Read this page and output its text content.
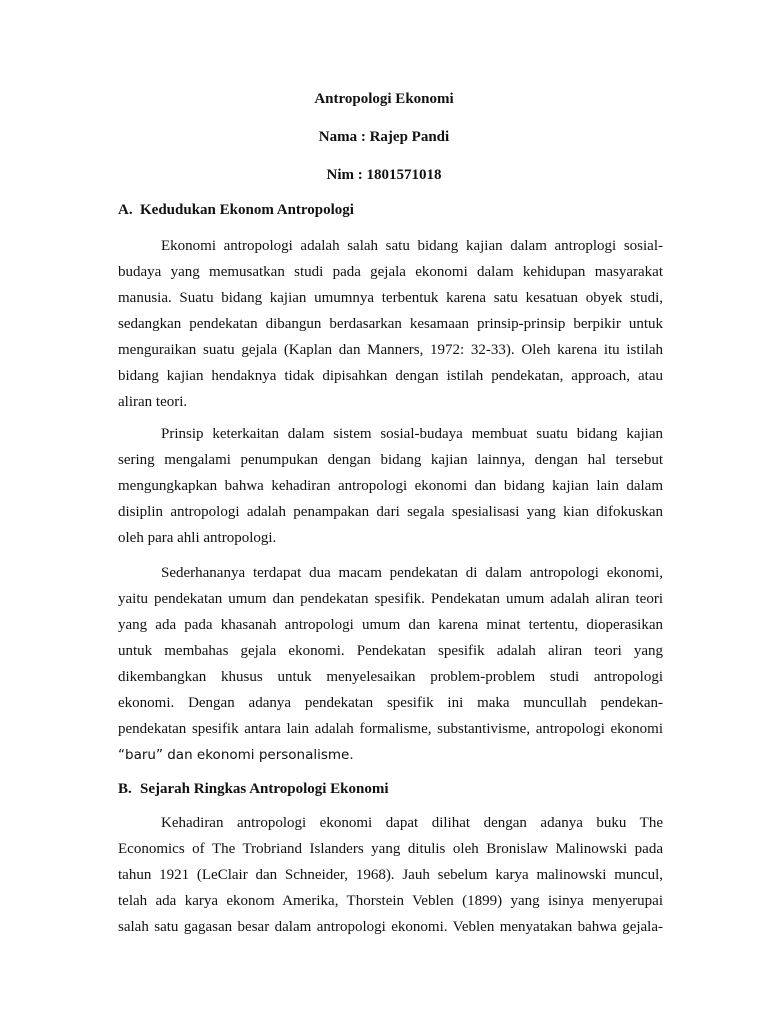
Antropologi Ekonomi
Nama : Rajep Pandi
Nim : 1801571018
A. Kedudukan Ekonom Antropologi
Ekonomi antropologi adalah salah satu bidang kajian dalam antroplogi sosial-
budaya yang memusatkan studi pada gejala ekonomi dalam kehidupan masyarakat
manusia. Suatu bidang kajian umumnya terbentuk karena satu kesatuan obyek studi,
sedangkan pendekatan dibangun berdasarkan kesamaan prinsip-prinsip berpikir untuk
menguraikan suatu gejala (Kaplan dan Manners, 1972: 32-33). Oleh karena itu istilah
bidang kajian hendaknya tidak dipisahkan dengan istilah pendekatan, approach, atau
aliran teori.
Prinsip keterkaitan dalam sistem sosial-budaya membuat suatu bidang kajian
sering mengalami penumpukan dengan bidang kajian lainnya, dengan hal tersebut
mengungkapkan bahwa kehadiran antropologi ekonomi dan bidang kajian lain dalam
disiplin antropologi adalah penampakan dari segala spesialisasi yang kian difokuskan
oleh para ahli antropologi.
Sederhananya terdapat dua macam pendekatan di dalam antropologi ekonomi,
yaitu pendekatan umum dan pendekatan spesifik. Pendekatan umum adalah aliran teori
yang ada pada khasanah antropologi umum dan karena minat tertentu, dioperasikan
untuk membahas gejala ekonomi. Pendekatan spesifik adalah aliran teori yang
dikembangkan khusus untuk menyelesaikan problem-problem studi antropologi
ekonomi. Dengan adanya pendekatan spesifik ini maka muncullah pendekan-
pendekatan spesifik antara lain adalah formalisme, substantivisme, antropologi ekonomi
“baru” dan ekonomi personalisme.
B. Sejarah Ringkas Antropologi Ekonomi
Kehadiran antropologi ekonomi dapat dilihat dengan adanya buku The
Economics of The Trobriand Islanders yang ditulis oleh Bronislaw Malinowski pada
tahun 1921 (LeClair dan Schneider, 1968). Jauh sebelum karya malinowski muncul,
telah ada karya ekonom Amerika, Thorstein Veblen (1899) yang isinya menyerupai
salah satu gagasan besar dalam antropologi ekonomi. Veblen menyatakan bahwa gejala-
